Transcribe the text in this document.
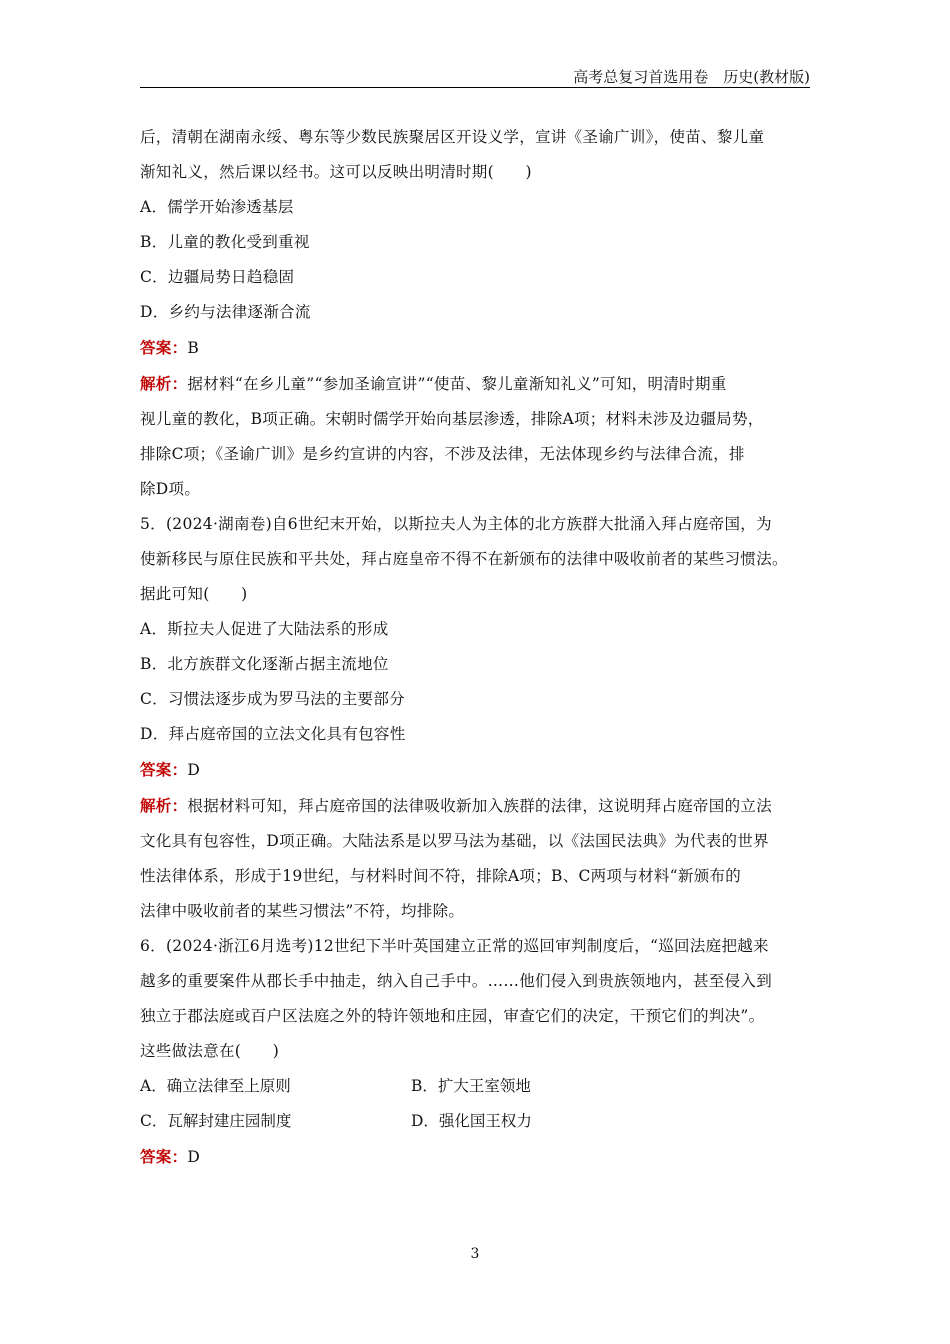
高考总复习首选用卷　历史(教材版)
后，清朝在湖南永绥、粤东等少数民族聚居区开设义学，宣讲《圣谕广训》，使苗、黎儿童
渐知礼义，然后课以经书。这可以反映出明清时期(　　)
A．儒学开始渗透基层
B．儿童的教化受到重视
C．边疆局势日趋稳固
D．乡约与法律逐渐合流
答案：B
解析：据材料“在乡儿童”“参加圣谕宣讲”“使苗、黎儿童渐知礼义”可知，明清时期重
视儿童的教化，B项正确。宋朝时儒学开始向基层渗透，排除A项；材料未涉及边疆局势，
排除C项；《圣谕广训》是乡约宣讲的内容，不涉及法律，无法体现乡约与法律合流，排
除D项。
5．(2024·湖南卷)自6世纪末开始，以斯拉夫人为主体的北方族群大批涌入拜占庭帝国，为
使新移民与原住民族和平共处，拜占庭皇帝不得不在新颁布的法律中吸收前者的某些习惯法。
据此可知(　　)
A．斯拉夫人促进了大陆法系的形成
B．北方族群文化逐渐占据主流地位
C．习惯法逐步成为罗马法的主要部分
D．拜占庭帝国的立法文化具有包容性
答案：D
解析：根据材料可知，拜占庭帝国的法律吸收新加入族群的法律，这说明拜占庭帝国的立法
文化具有包容性，D项正确。大陆法系是以罗马法为基础，以《法国民法典》为代表的世界
性法律体系，形成于19世纪，与材料时间不符，排除A项；B、C两项与材料“新颁布的
法律中吸收前者的某些习惯法”不符，均排除。
6．(2024·浙江6月选考)12世纪下半叶英国建立正常的巡回审判制度后，“巡回法庭把越来
越多的重要案件从郡长手中抽走，纳入自己手中。……他们侵入到贵族领地内，甚至侵入到
独立于郡法庭或百户区法庭之外的特许领地和庄园，审查它们的决定，干预它们的判决”。
这些做法意在(　　)
A．确立法律至上原则	B．扩大王室领地
C．瓦解封建庄园制度	D．强化国王权力
答案：D
3
